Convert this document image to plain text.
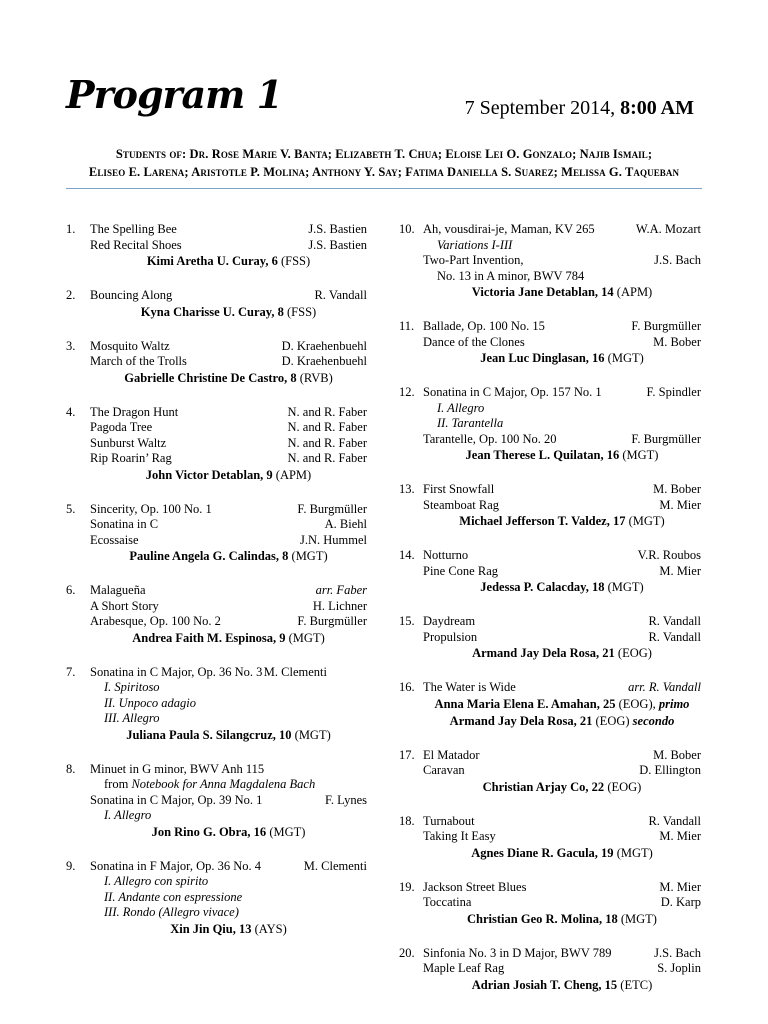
Program 1	7 September 2014, 8:00 AM
Students of: Dr. Rose Marie V. Banta; Elizabeth T. Chua; Eloise Lei O. Gonzalo; Najib Ismail;
Eliseo E. Larena; Aristotle P. Molina; Anthony Y. Say; Fatima Daniella S. Suarez; Melissa G. Taqueban
1. The Spelling Bee	J.S. Bastien
Red Recital Shoes	J.S. Bastien
Kimi Aretha U. Curay, 6 (FSS)
2. Bouncing Along	R. Vandall
Kyna Charisse U. Curay, 8 (FSS)
3. Mosquito Waltz	D. Kraehenbuehl
March of the Trolls	D. Kraehenbuehl
Gabrielle Christine De Castro, 8 (RVB)
4. The Dragon Hunt	N. and R. Faber
Pagoda Tree	N. and R. Faber
Sunburst Waltz	N. and R. Faber
Rip Roarin’ Rag	N. and R. Faber
John Victor Detablan, 9 (APM)
5. Sincerity, Op. 100 No. 1	F. Burgmüller
Sonatina in C	A. Biehl
Ecossaise	J.N. Hummel
Pauline Angela G. Calindas, 8 (MGT)
6. Malagueña	arr. Faber
A Short Story	H. Lichner
Arabesque, Op. 100 No. 2	F. Burgmüller
Andrea Faith M. Espinosa, 9 (MGT)
7. Sonatina in C Major, Op. 36 No. 3 M. Clementi
I. Spiritoso
II. Unpoco adagio
III. Allegro
Juliana Paula S. Silangcruz, 10 (MGT)
8. Minuet in G minor, BWV Anh 115
from Notebook for Anna Magdalena Bach
Sonatina in C Major, Op. 39 No. 1	F. Lynes
I. Allegro
Jon Rino G. Obra, 16 (MGT)
9. Sonatina in F Major, Op. 36 No. 4	M. Clementi
I. Allegro con spirito
II. Andante con espressione
III. Rondo (Allegro vivace)
Xin Jin Qiu, 13 (AYS)
10. Ah, vousdirai-je, Maman, KV 265	W.A. Mozart
Variations I-III
Two-Part Invention,	J.S. Bach
No. 13 in A minor, BWV 784
Victoria Jane Detablan, 14 (APM)
11. Ballade, Op. 100 No. 15	F. Burgmüller
Dance of the Clones	M. Bober
Jean Luc Dinglasan, 16 (MGT)
12. Sonatina in C Major, Op. 157 No. 1	F. Spindler
I. Allegro
II. Tarantella
Tarantelle, Op. 100 No. 20	F. Burgmüller
Jean Therese L. Quilatan, 16 (MGT)
13. First Snowfall	M. Bober
Steamboat Rag	M. Mier
Michael Jefferson T. Valdez, 17 (MGT)
14. Notturno	V.R. Roubos
Pine Cone Rag	M. Mier
Jedessa P. Calacday, 18 (MGT)
15. Daydream	R. Vandall
Propulsion	R. Vandall
Armand Jay Dela Rosa, 21 (EOG)
16. The Water is Wide	arr. R. Vandall
Anna Maria Elena E. Amahan, 25 (EOG), primo
Armand Jay Dela Rosa, 21 (EOG) secondo
17. El Matador	M. Bober
Caravan	D. Ellington
Christian Arjay Co, 22 (EOG)
18. Turnabout	R. Vandall
Taking It Easy	M. Mier
Agnes Diane R. Gacula, 19 (MGT)
19. Jackson Street Blues	M. Mier
Toccatina	D. Karp
Christian Geo R. Molina, 18 (MGT)
20. Sinfonia No. 3 in D Major, BWV 789	J.S. Bach
Maple Leaf Rag	S. Joplin
Adrian Josiah T. Cheng, 15 (ETC)
